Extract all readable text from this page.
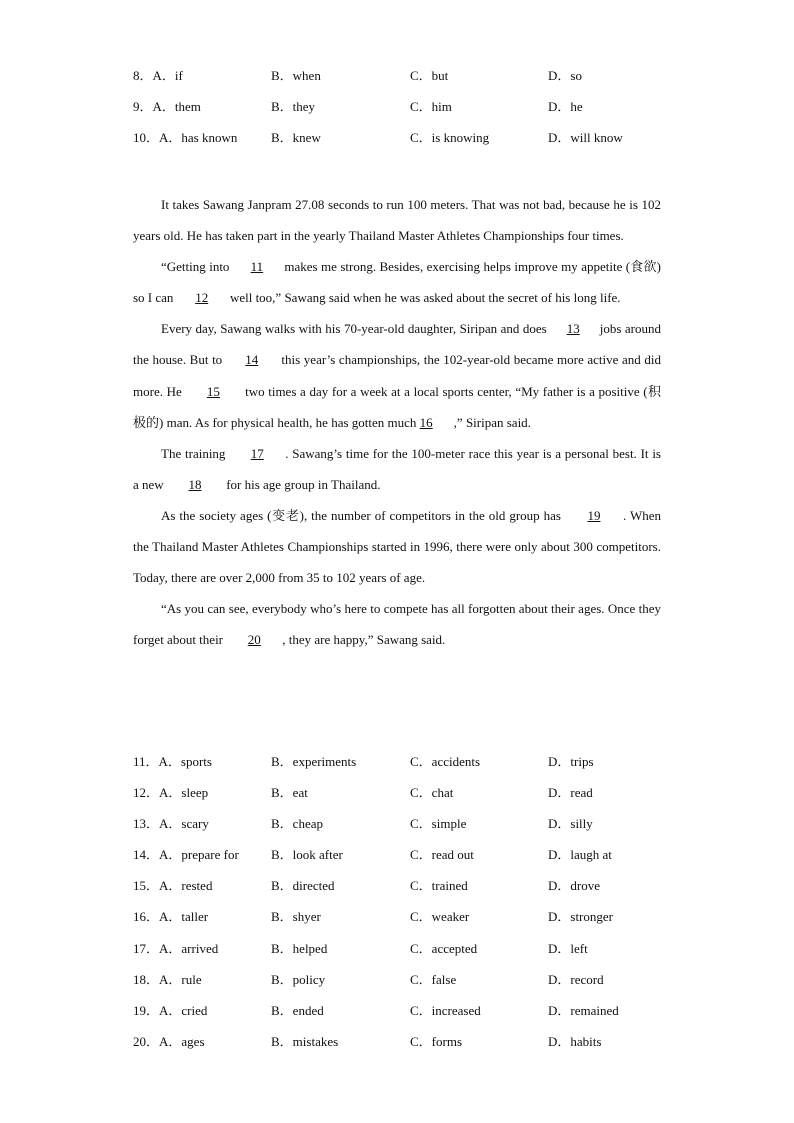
8．A．if	B．when	C．but	D．so
9．A．them	B．they	C．him	D．he
10．A．has known	B．knew	C．is knowing	D．will know

It takes Sawang Janpram 27.08 seconds to run 100 meters. That was not bad, because he is 102 years old. He has taken part in the yearly Thailand Master Athletes Championships four times.

“Getting into 11 makes me strong. Besides, exercising helps improve my appetite (食欲) so I can 12 well too,” Sawang said when he was asked about the secret of his long life.

Every day, Sawang walks with his 70-year-old daughter, Siripan and does 13 jobs around the house. But to 14 this year’s championships, the 102-year-old became more active and did more. He 15 two times a day for a week at a local sports center, “My father is a positive (积极的) man. As for physical health, he has gotten much 16 ,” Siripan said.

The training 17 . Sawang’s time for the 100-meter race this year is a personal best. It is a new 18 for his age group in Thailand.

As the society ages (变老), the number of competitors in the old group has 19 . When the Thailand Master Athletes Championships started in 1996, there were only about 300 competitors. Today, there are over 2,000 from 35 to 102 years of age.

“As you can see, everybody who’s here to compete has all forgotten about their ages. Once they forget about their 20 , they are happy,” Sawang said.

11．A．sports	B．experiments	C．accidents	D．trips
12．A．sleep	B．eat	C．chat	D．read
13．A．scary	B．cheap	C．simple	D．silly
14．A．prepare for B．look after	C．read out	D．laugh at
15．A．rested	B．directed	C．trained	D．drove
16．A．taller	B．shyer	C．weaker	D．stronger
17．A．arrived	B．helped	C．accepted	D．left
18．A．rule	B．policy	C．false	D．record
19．A．cried	B．ended	C．increased	D．remained
20．A．ages	B．mistakes	C．forms	D．habits
